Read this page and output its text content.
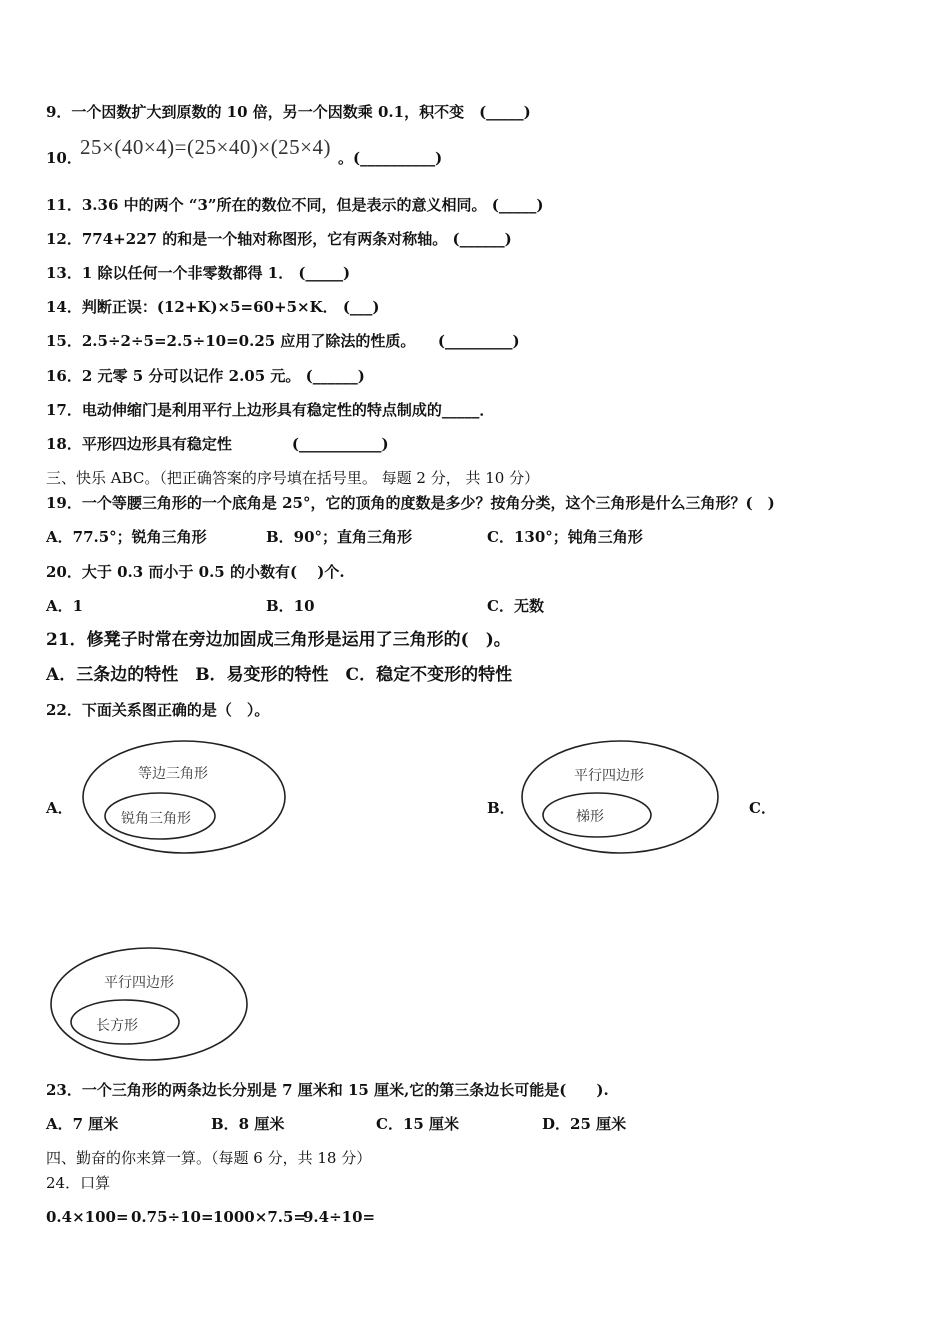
9．一个因数扩大到原数的 10 倍，另一个因数乘 0.1，积不变　(_____)
10．
25×(40×4)=(25×40)×(25×4) 。(__________)
11．3.36 中的两个 “3”所在的数位不同，但是表示的意义相同。 (_____)
12．774+227 的和是一个轴对称图形，它有两条对称轴。 (______)
13．1 除以任何一个非零数都得 1． (_____)
14．判断正误：(12+K)×5=60+5×K． (___)
15．2.5÷2÷5=2.5÷10=0.25 应用了除法的性质。　　(_________)
16．2 元零 5 分可以记作 2.05 元。 (______)
17．电动伸缩门是利用平行上边形具有稳定性的特点制成的_____．
18．平形四边形具有稳定性　　　　(___________)
三、快乐 ABC。（把正确答案的序号填在括号里。 每题 2 分， 共 10 分）
19．一个等腰三角形的一个底角是 25°，它的顶角的度数是多少？按角分类，这个三角形是什么三角形？(　)
A．77.5°；锐角三角形	B．90°；直角三角形	C．130°；钝角三角形
20．大于 0.3 而小于 0.5 的小数有(　 )个.
A．1	B．10	C．无数
21．修凳子时常在旁边加固成三角形是运用了三角形的(　)。
A．三条边的特性　B．易变形的特性　C．稳定不变形的特性
22．下面关系图正确的是（　）。
A．
等边三角形
锐角三角形
B．
平行四边形
梯形	C．
平行四边形
长方形
23．一个三角形的两条边长分别是 7 厘米和 15 厘米,它的第三条边长可能是(　　).
A．7 厘米	B．8 厘米	C．15 厘米	D．25 厘米
四、勤奋的你来算一算。（每题 6 分，共 18 分）
24．口算
0.4×100= 0.75÷10= 1000×7.5=
9.4÷10=
